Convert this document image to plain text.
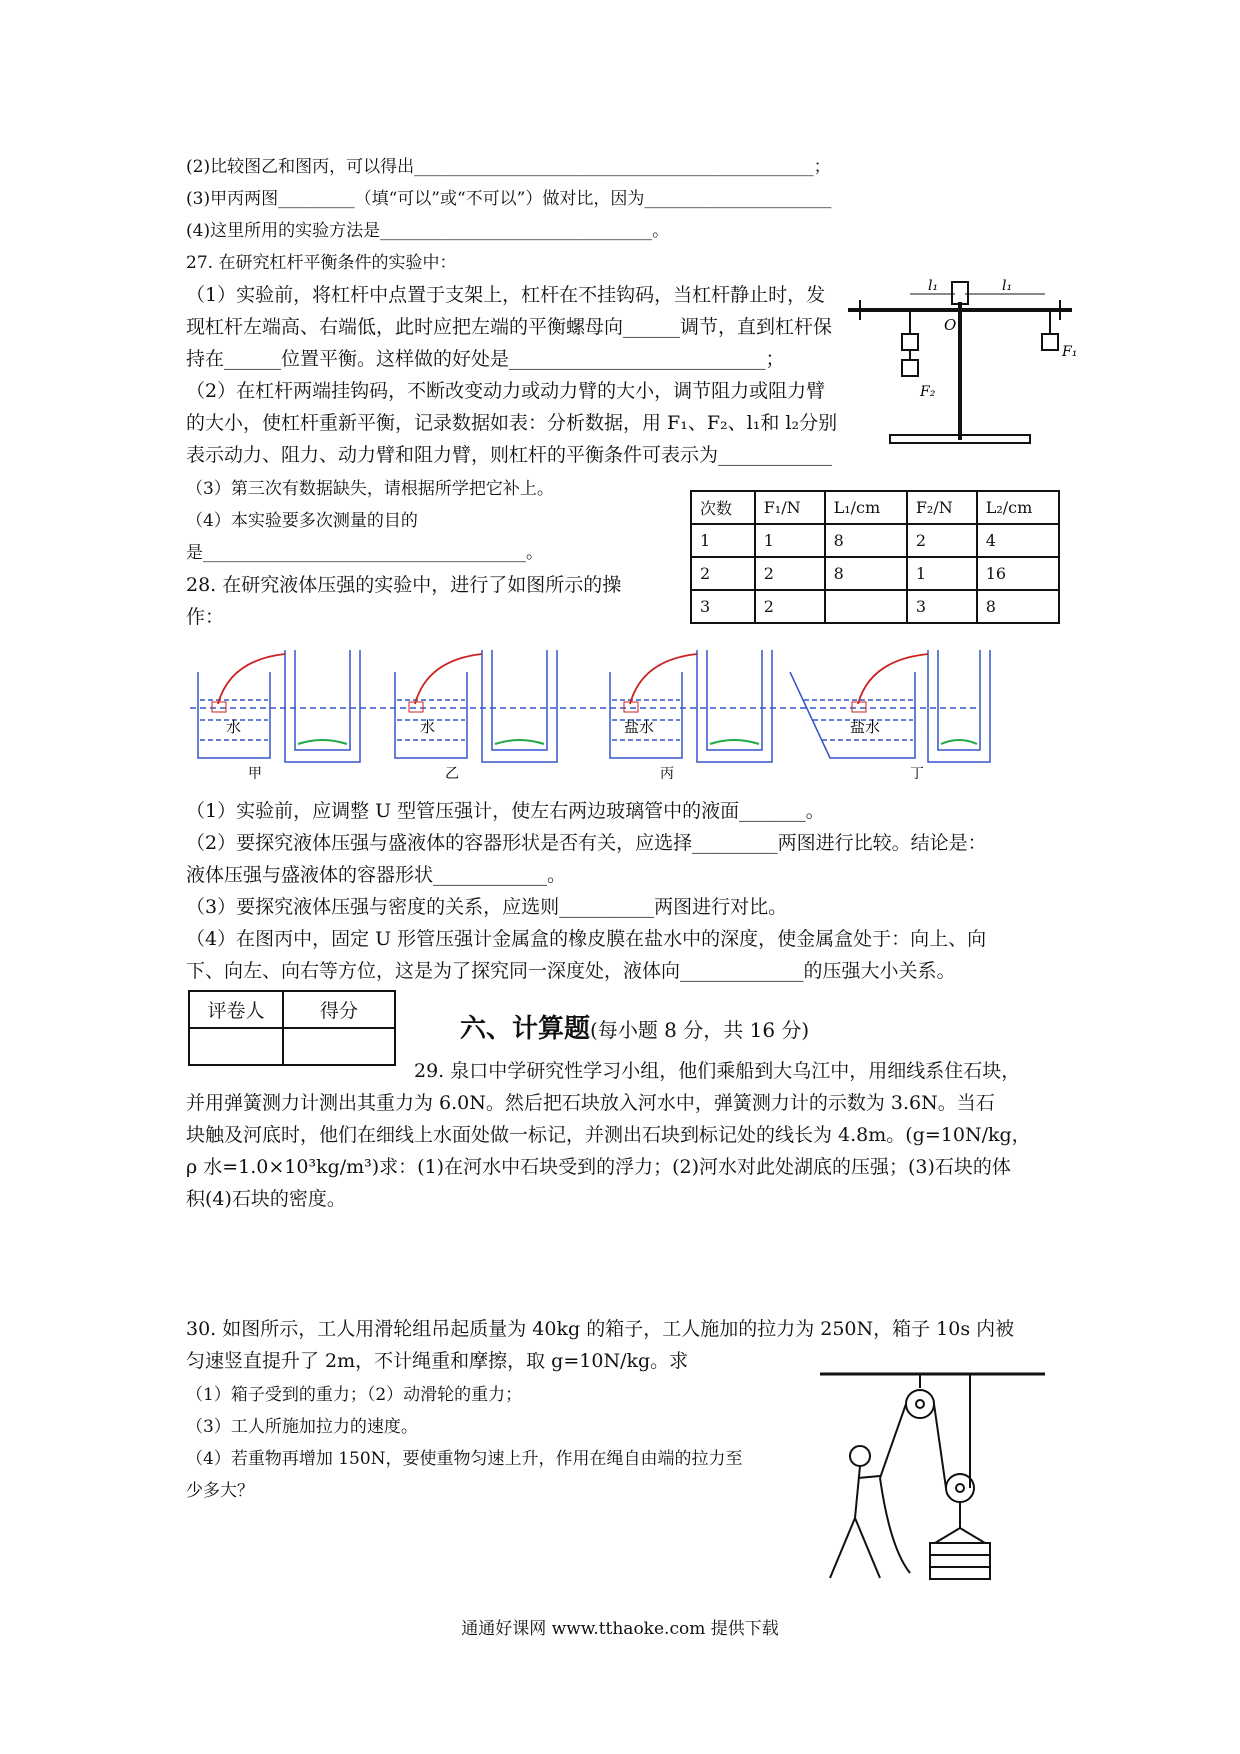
(2)比较图乙和图丙，可以得出_______________________________________________；
(3)甲丙两图_________（填“可以”或“不可以”）做对比，因为______________________
(4)这里所用的实验方法是________________________________。
27. 在研究杠杆平衡条件的实验中：
（1）实验前，将杠杆中点置于支架上，杠杆在不挂钩码，当杠杆静止时，发
现杠杆左端高、右端低，此时应把左端的平衡螺母向______调节，直到杠杆保
持在______位置平衡。这样做的好处是___________________________；
（2）在杠杆两端挂钩码，不断改变动力或动力臂的大小，调节阻力或阻力臂
的大小，使杠杆重新平衡，记录数据如表：分析数据，用 F₁、F₂、l₁和 l₂分别
表示动力、阻力、动力臂和阻力臂，则杠杆的平衡条件可表示为____________
（3）第三次有数据缺失，请根据所学把它补上。
（4）本实验要多次测量的目的
是______________________________________。
28. 在研究液体压强的实验中，进行了如图所示的操
作：
l₁	l₁
O
F₁
F₂
次数	F₁/N	L₁/cm	F₂/N	L₂/cm
1	1	8	2	4
2	2	8	1	16
3	2		3	8
水
甲
水
乙
盐水
丙
盐水
丁
（1）实验前，应调整 U 型管压强计，使左右两边玻璃管中的液面_______。
（2）要探究液体压强与盛液体的容器形状是否有关，应选择_________两图进行比较。结论是：
液体压强与盛液体的容器形状____________。
（3）要探究液体压强与密度的关系，应选则__________两图进行对比。
（4）在图丙中，固定 U 形管压强计金属盒的橡皮膜在盐水中的深度，使金属盒处于：向上、向
下、向左、向右等方位，这是为了探究同一深度处，液体向_____________的压强大小关系。
评卷人	得分

六、计算题(每小题 8 分，共 16 分)
29. 泉口中学研究性学习小组，他们乘船到大乌江中，用细线系住石块，
并用弹簧测力计测出其重力为 6.0N。然后把石块放入河水中，弹簧测力计的示数为 3.6N。当石
块触及河底时，他们在细线上水面处做一标记，并测出石块到标记处的线长为 4.8m。(g=10N/kg，
ρ 水=1.0×10³kg/m³)求：(1)在河水中石块受到的浮力；(2)河水对此处湖底的压强；(3)石块的体
积(4)石块的密度。
30. 如图所示，工人用滑轮组吊起质量为 40kg 的箱子，工人施加的拉力为 250N，箱子 10s 内被
匀速竖直提升了 2m，不计绳重和摩擦，取 g=10N/kg。求
（1）箱子受到的重力；（2）动滑轮的重力；
（3）工人所施加拉力的速度。
（4）若重物再增加 150N，要使重物匀速上升，作用在绳自由端的拉力至
少多大？
通通好课网 www.tthaoke.com 提供下载
